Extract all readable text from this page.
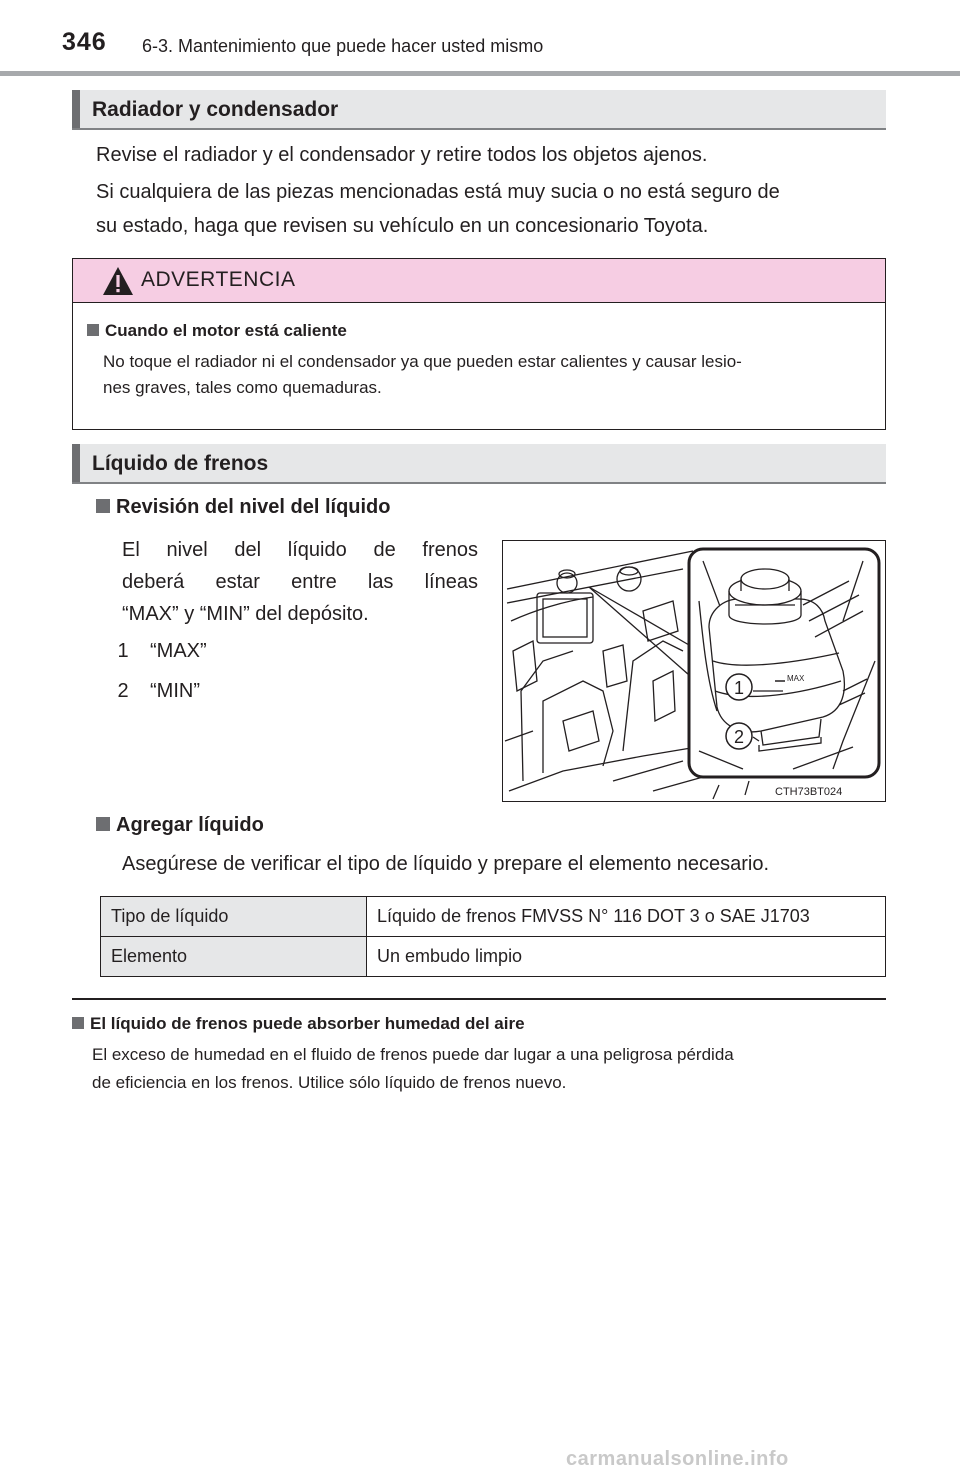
346 6-3. Mantenimiento que puede hacer usted mismo
Radiador y condensador
Revise el radiador y el condensador y retire todos los objetos ajenos.
Si cualquiera de las piezas mencionadas está muy sucia o no está seguro de
su estado, haga que revisen su vehículo en un concesionario Toyota.
ADVERTENCIA
Cuando el motor está caliente
No toque el radiador ni el condensador ya que pueden estar calientes y causar lesio-
nes graves, tales como quemaduras.
Líquido de frenos
Revisión del nivel del líquido
El nivel del líquido de frenos
deberá estar entre las líneas
“MAX” y “MIN” del depósito.
1 “MAX”
2 “MIN”
MAX
1
2
CTH73BT024
Agregar líquido
Asegúrese de verificar el tipo de líquido y prepare el elemento necesario.
Tipo de líquido	Líquido de frenos FMVSS N° 116 DOT 3 o SAE J1703
Elemento	Un embudo limpio
El líquido de frenos puede absorber humedad del aire
El exceso de humedad en el fluido de frenos puede dar lugar a una peligrosa pérdida
de eficiencia en los frenos. Utilice sólo líquido de frenos nuevo.
carmanualsonline.info
